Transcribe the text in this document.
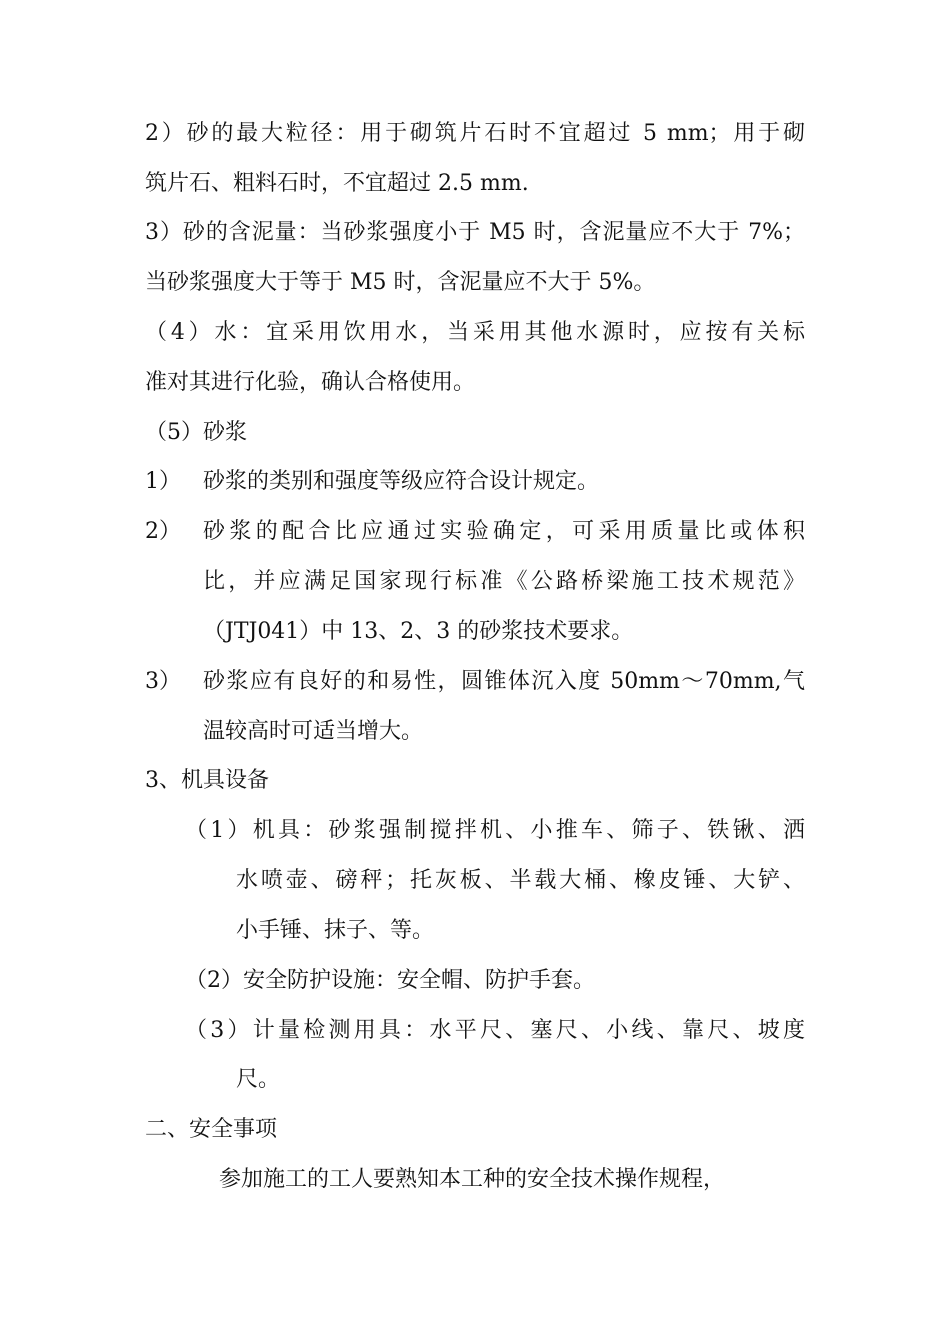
2）砂的最大粒径：用于砌筑片石时不宜超过 5 mm；用于砌
筑片石、粗料石时，不宜超过 2.5 mm.
3）砂的含泥量：当砂浆强度小于 M5 时，含泥量应不大于 7%；
当砂浆强度大于等于 M5 时，含泥量应不大于 5%。
（4）水：宜采用饮用水，当采用其他水源时，应按有关标
准对其进行化验，确认合格使用。
（5）砂浆
1） 砂浆的类别和强度等级应符合设计规定。
2） 砂浆的配合比应通过实验确定，可采用质量比或体积
比，并应满足国家现行标准《公路桥梁施工技术规范》
（JTJ041）中 13、2、3 的砂浆技术要求。
3） 砂浆应有良好的和易性，圆锥体沉入度 50mm～70mm,气
温较高时可适当增大。
3、机具设备
（1）机具：砂浆强制搅拌机、小推车、筛子、铁锹、洒
水喷壶、磅秤；托灰板、半载大桶、橡皮锤、大铲、
小手锤、抹子、等。
（2）安全防护设施：安全帽、防护手套。
（3）计量检测用具：水平尺、塞尺、小线、靠尺、坡度
尺。
二、安全事项
参加施工的工人要熟知本工种的安全技术操作规程，
